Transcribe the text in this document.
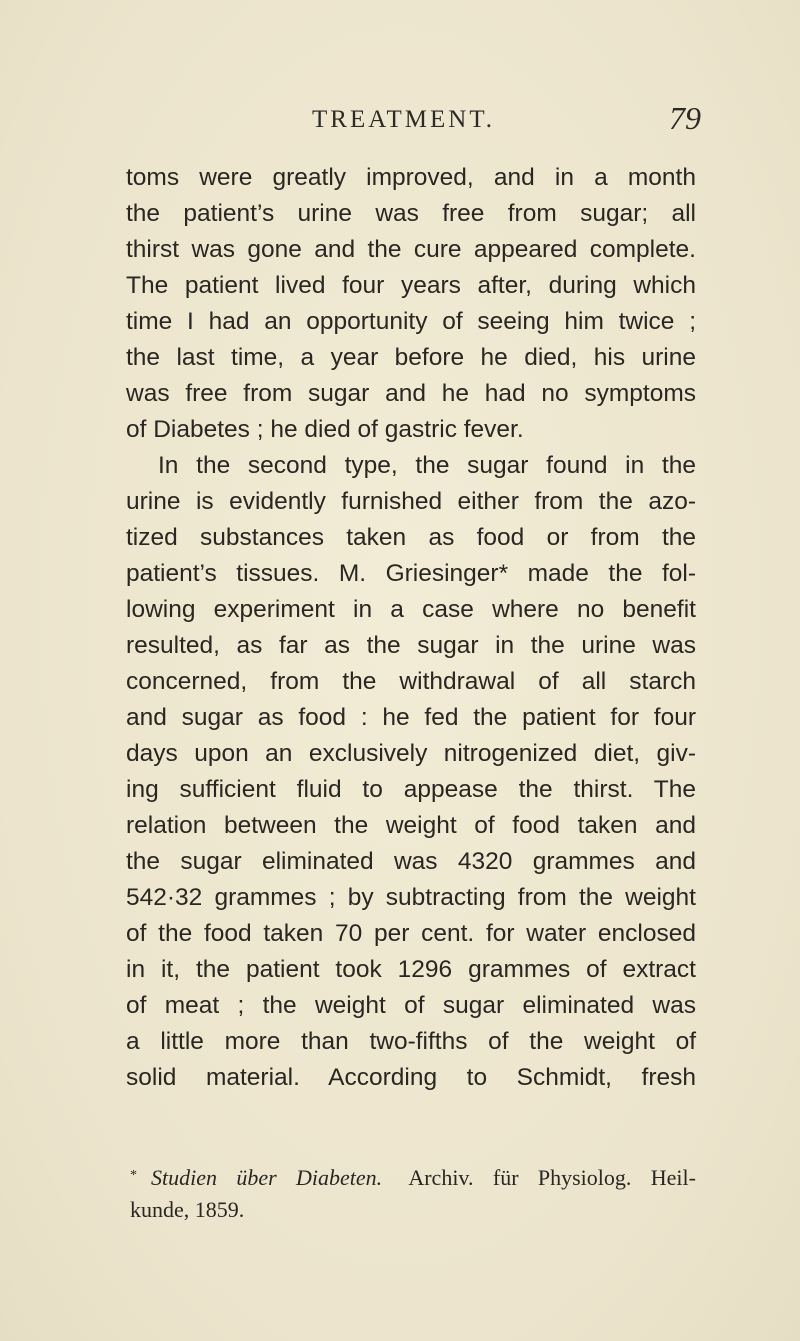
TREATMENT.	79
toms were greatly improved, and in a month
the patient’s urine was free from sugar; all
thirst was gone and the cure appeared complete.
The patient lived four years after, during which
time I had an opportunity of seeing him twice ;
the last time, a year before he died, his urine
was free from sugar and he had no symptoms
of Diabetes ; he died of gastric fever.
In the second type, the sugar found in the
urine is evidently furnished either from the azo-
tized substances taken as food or from the
patient’s tissues. M. Griesinger* made the fol-
lowing experiment in a case where no benefit
resulted, as far as the sugar in the urine was
concerned, from the withdrawal of all starch
and sugar as food : he fed the patient for four
days upon an exclusively nitrogenized diet, giv-
ing sufficient fluid to appease the thirst. The
relation between the weight of food taken and
the sugar eliminated was 4320 grammes and
542·32 grammes ; by subtracting from the weight
of the food taken 70 per cent. for water enclosed
in it, the patient took 1296 grammes of extract
of meat ; the weight of sugar eliminated was
a little more than two-fifths of the weight of
solid material. According to Schmidt, fresh
* Studien über Diabeten. Archiv. für Physiolog. Heil-
kunde, 1859.
